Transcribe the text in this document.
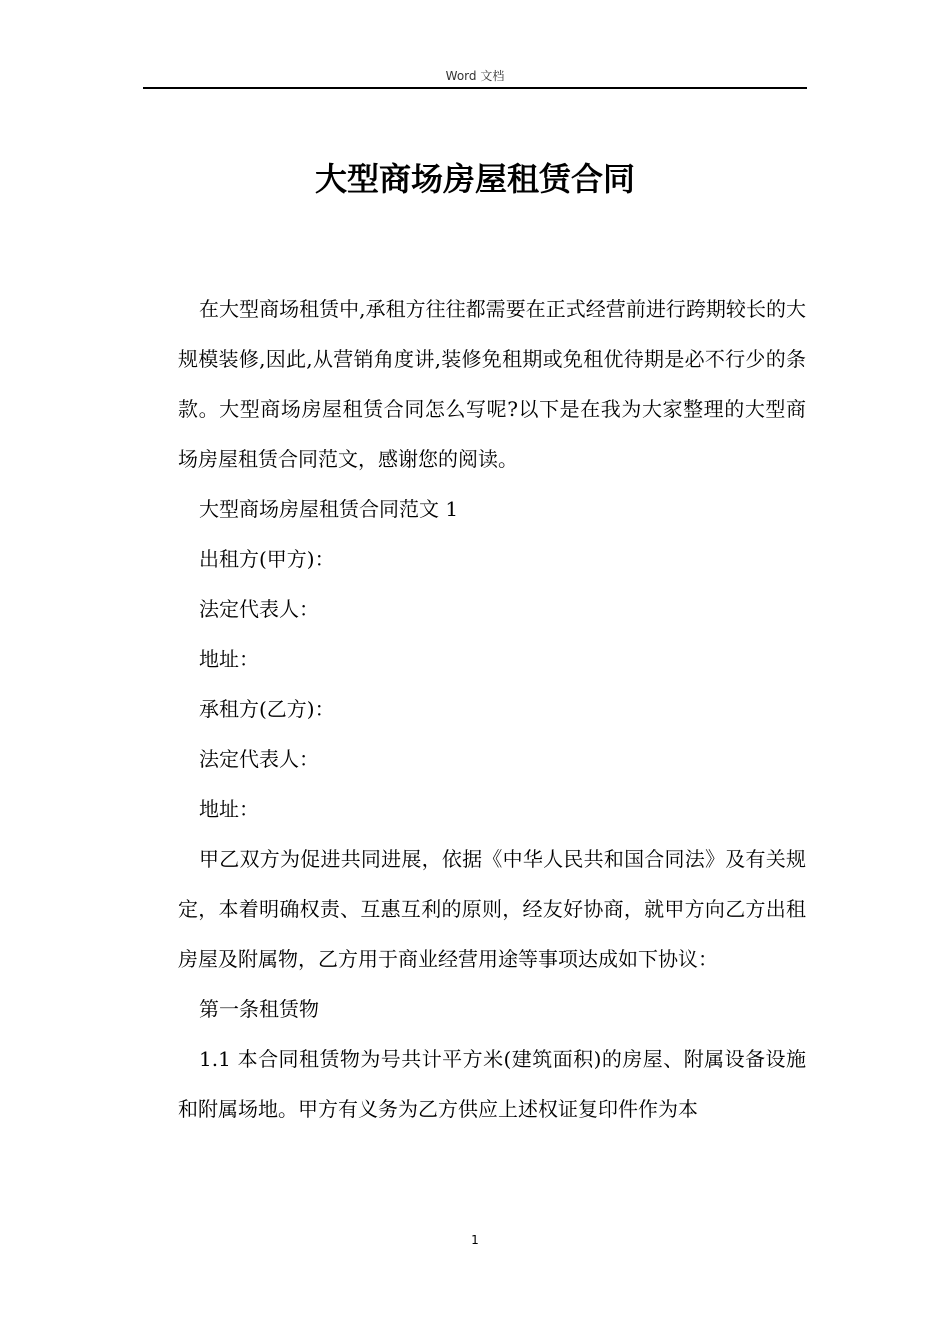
Word 文档
大型商场房屋租赁合同

在大型商场租赁中,承租方往往都需要在正式经营前进行跨期较长的大规模装修,因此,从营销角度讲,装修免租期或免租优待期是必不行少的条款。大型商场房屋租赁合同怎么写呢?以下是在我为大家整理的大型商场房屋租赁合同范文，感谢您的阅读。

大型商场房屋租赁合同范文 1

出租方(甲方)：

法定代表人：

地址：

承租方(乙方)：

法定代表人：

地址：

甲乙双方为促进共同进展，依据《中华人民共和国合同法》及有关规定，本着明确权责、互惠互利的原则，经友好协商，就甲方向乙方出租房屋及附属物，乙方用于商业经营用途等事项达成如下协议：

第一条租赁物

1.1 本合同租赁物为号共计平方米(建筑面积)的房屋、附属设备设施和附属场地。甲方有义务为乙方供应上述权证复印件作为本

1
